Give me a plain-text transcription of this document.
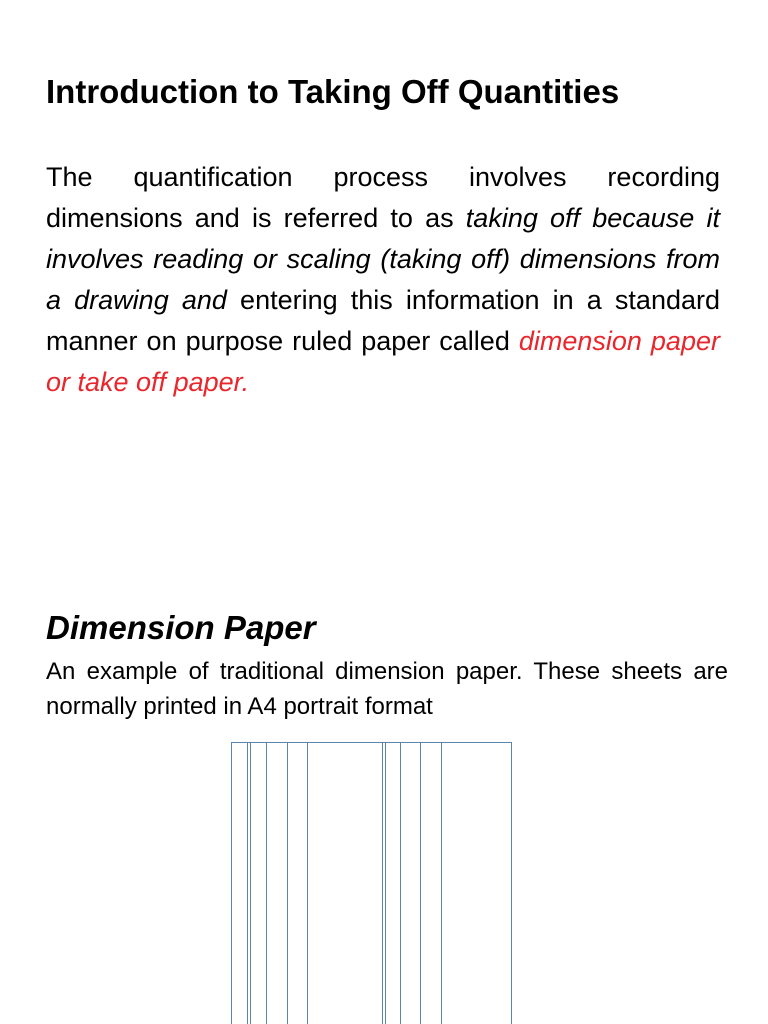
Introduction to Taking Off Quantities

The quantification process involves recording dimensions and is referred to as taking off because it involves reading or scaling (taking off) dimensions from a drawing and entering this information in a standard manner on purpose ruled paper called dimension paper or take off paper.

Dimension Paper

An example of traditional dimension paper. These sheets are normally printed in A4 portrait format
